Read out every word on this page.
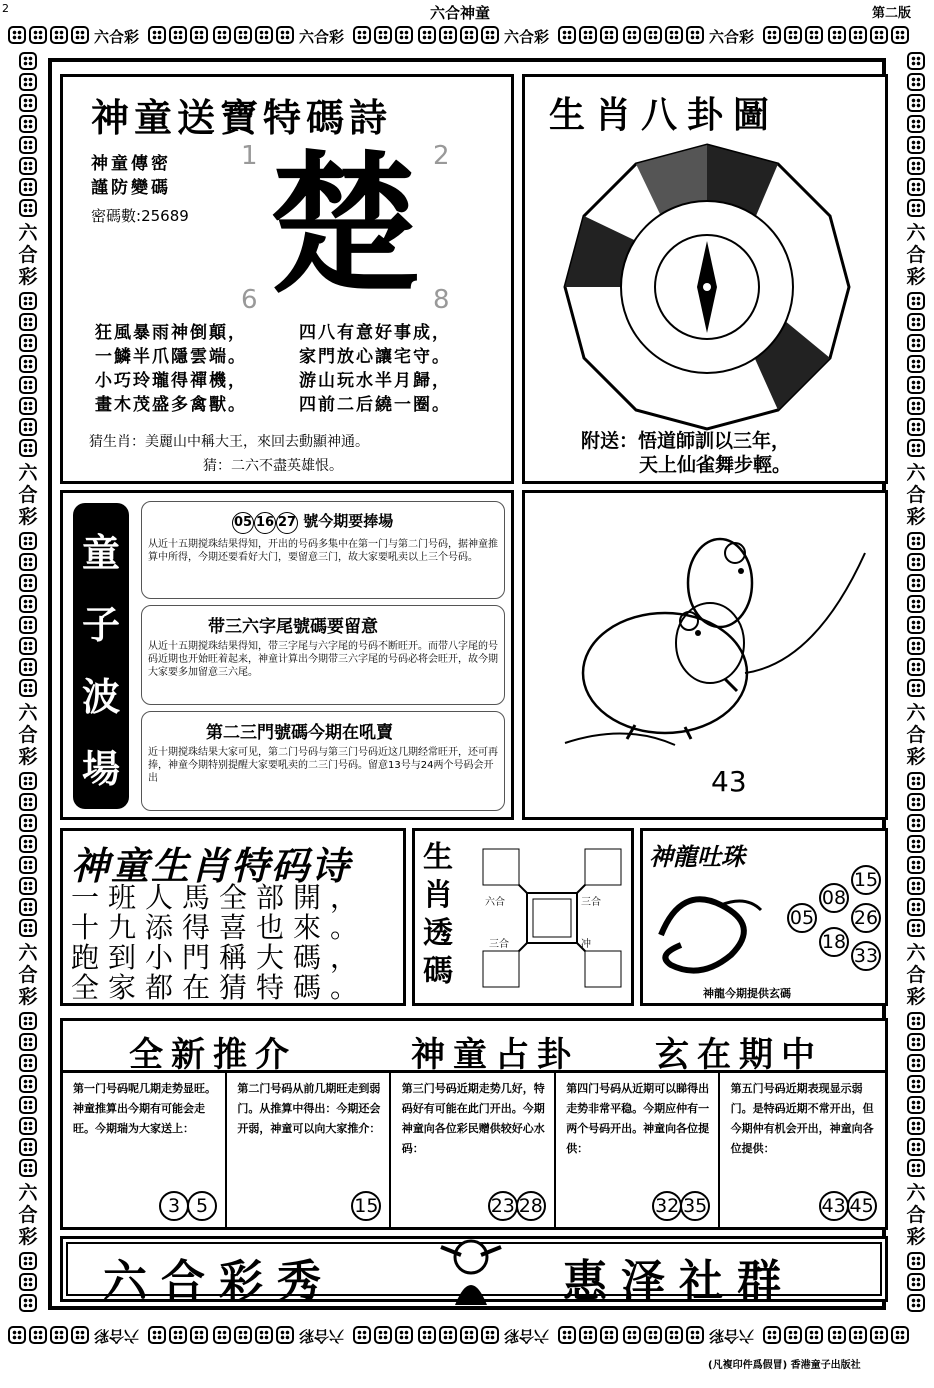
2	六合神童	第二版
六合彩	六合彩	六合彩	六合彩
六合彩	六合彩	六合彩	六合彩
六
合
彩
六
合
彩
六
合
彩
六
合
彩
六
合
彩
六
合
彩
六
合
彩
六
合
彩
六
合
彩
六
合
彩
神童送寶特碼詩
神童傳密
謹防變碼
密碼數:25689
1	2
6	8
楚
狂風暴雨神倒顛，
一鱗半爪隱雲端。
小巧玲瓏得禪機，
畫木茂盛多禽獸。
四八有意好事成，
家門放心讓宅守。
游山玩水半月歸，
四前二后繞一圈。
猜生肖：美麗山中稱大王，來回去動顯神通。
猜：二六不盡英雄恨。
生肖八卦圖
附送：悟道師訓以三年，
天上仙雀舞步輕。
童
子
波
場
05 16 27 號今期要捧場
从近十五期搅珠结果得知，开出的号码多集中在第一门与第二门号码，据神童推算中所得，今期还要看好大门，要留意三门，故大家要吼卖以上三个号码。
带三六字尾號碼要留意
从近十五期搅珠结果得知，带三字尾与六字尾的号码不断旺开。而带八字尾的号码近期也开始旺着起来，神童计算出今期带三六字尾的号码必将会旺开，故今期大家要多加留意三六尾。
第二三門號碼今期在吼賣
近十期搅珠结果大家可见，第二门号码与第三门号码近这几期经常旺开，还可再捧，神童今期特别提醒大家要吼卖的二三门号码。留意13号与24两个号码会开出	43
神童生肖特码诗
一班人馬全部開，
十九添得喜也來。
跑到小門稱大碼，
全家都在猜特碼。
生
肖
透
碼
六合	三合
三合	冲
神龍吐珠
15
08
26
05
18
33
神龍今期提供玄碼
全新推介	神童占卦 玄在期中
第一门号码呢几期走势显旺。神童推算出今期有可能会走旺。今期瑞为大家送上：
3 5
第二门号码从前几期旺走到弱门。从推算中得出：今期还会开弱，神童可以向大家推介：
15
第三门号码近期走势几好，特码好有可能在此门开出。今期神童向各位彩民赠供较好心水码：
23 28
第四门号码从近期可以睇得出走势非常平稳。今期应仲有一两个号码开出。神童向各位提供：
32 35
第五门号码近期表现显示弱门。是特码近期不常开出，但今期仲有机会开出，神童向各位提供：
43 45
六合彩秀	惠泽社群
(凡複印件爲假冒) 香港童子出版社
